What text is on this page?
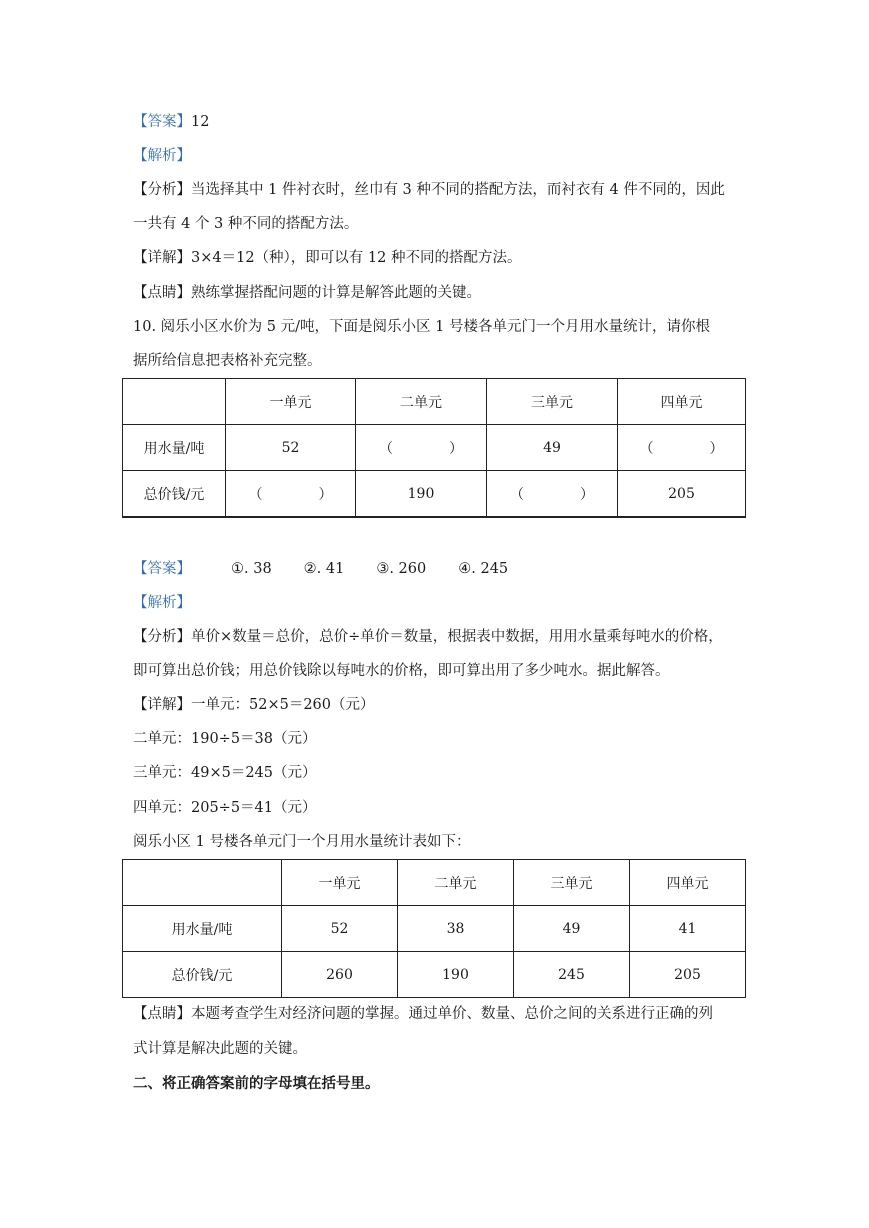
【答案】12
【解析】
【分析】当选择其中 1 件衬衣时，丝巾有 3 种不同的搭配方法，而衬衣有 4 件不同的，因此
一共有 4 个 3 种不同的搭配方法。
【详解】3×4＝12（种），即可以有 12 种不同的搭配方法。
【点睛】熟练掌握搭配问题的计算是解答此题的关键。
10. 阅乐小区水价为 5 元/吨，下面是阅乐小区 1 号楼各单元门一个月用水量统计，请你根
据所给信息把表格补充完整。
	一单元	二单元	三单元	四单元
用水量/吨	52	（　　　　）	49	（　　　　）
总价钱/元	（　　　　）	190	（　　　　）	205
【答案】	①. 38 ②. 41 ③. 260 ④. 245
【解析】
【分析】单价×数量＝总价，总价÷单价＝数量，根据表中数据，用用水量乘每吨水的价格，
即可算出总价钱；用总价钱除以每吨水的价格，即可算出用了多少吨水。据此解答。
【详解】一单元：52×5＝260（元）
二单元：190÷5＝38（元）
三单元：49×5＝245（元）
四单元：205÷5＝41（元）
阅乐小区 1 号楼各单元门一个月用水量统计表如下：
	一单元	二单元	三单元	四单元
用水量/吨	52	38	49	41
总价钱/元	260	190	245	205
【点睛】本题考查学生对经济问题的掌握。通过单价、数量、总价之间的关系进行正确的列
式计算是解决此题的关键。
二、将正确答案前的字母填在括号里。
